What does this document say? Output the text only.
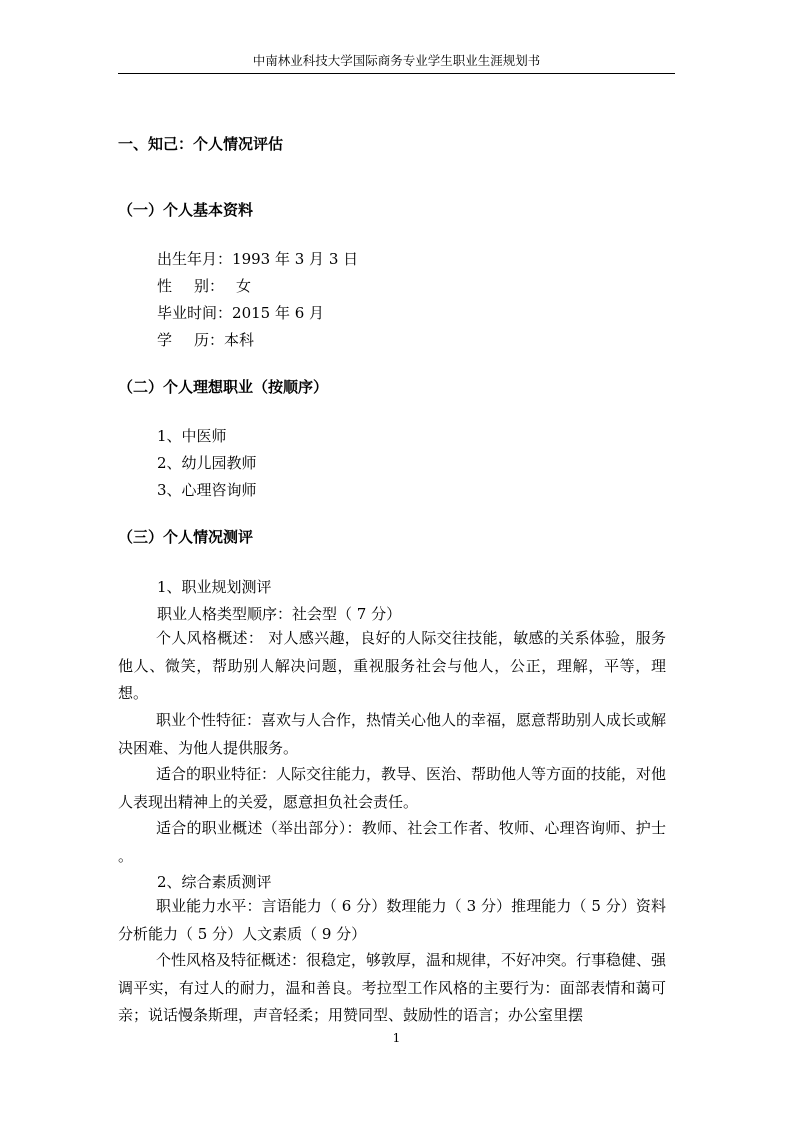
中南林业科技大学国际商务专业学生职业生涯规划书
一、知己：个人情况评估
（一）个人基本资料
出生年月：1993 年 3 月 3 日
性别： 女
毕业时间：2015 年 6 月
学历：本科
（二）个人理想职业（按顺序）
1、中医师
2、幼儿园教师
3、心理咨询师
（三）个人情况测评
1、职业规划测评
职业人格类型顺序：社会型（ 7 分）
个人风格概述： 对人感兴趣，良好的人际交往技能，敏感的关系体验，服务他人、微笑，帮助别人解决问题，重视服务社会与他人，公正，理解，平等，理想。
职业个性特征：喜欢与人合作，热情关心他人的幸福，愿意帮助别人成长或解决困难、为他人提供服务。
适合的职业特征：人际交往能力，教导、医治、帮助他人等方面的技能，对他人表现出精神上的关爱，愿意担负社会责任。
适合的职业概述（举出部分）：教师、社会工作者、牧师、心理咨询师、护士 。
2、综合素质测评
职业能力水平：言语能力（ 6 分）数理能力（ 3 分）推理能力（ 5 分）资料分析能力（ 5 分）人文素质（ 9 分）
个性风格及特征概述：很稳定，够敦厚，温和规律，不好冲突。行事稳健、强调平实，有过人的耐力，温和善良。考拉型工作风格的主要行为：面部表情和蔼可亲；说话慢条斯理，声音轻柔；用赞同型、鼓励性的语言；办公室里摆
1
